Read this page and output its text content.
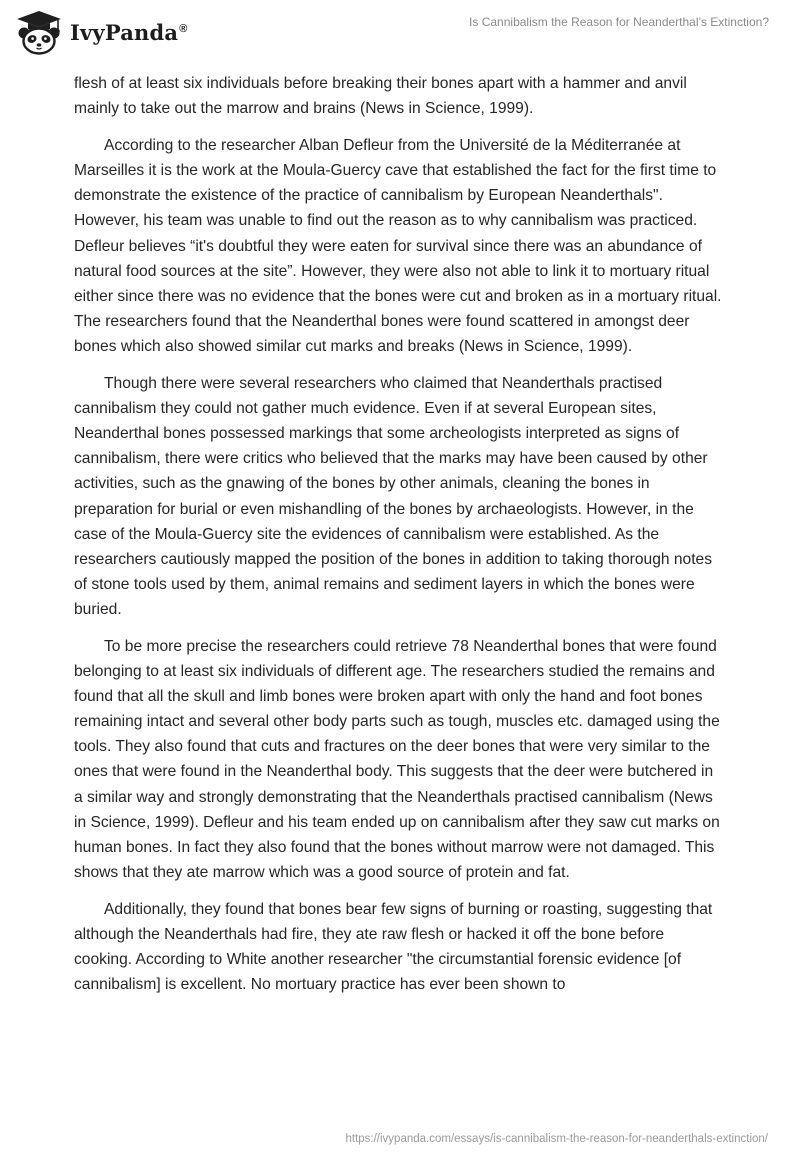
IvyPanda®	Is Cannibalism the Reason for Neanderthal’s Extinction?

flesh of at least six individuals before breaking their bones apart with a hammer and anvil mainly to take out the marrow and brains (News in Science, 1999).

According to the researcher Alban Defleur from the Université de la Méditerranée at Marseilles it is the work at the Moula-Guercy cave that established the fact for the first time to demonstrate the existence of the practice of cannibalism by European Neanderthals". However, his team was unable to find out the reason as to why cannibalism was practiced. Defleur believes “it's doubtful they were eaten for survival since there was an abundance of natural food sources at the site”. However, they were also not able to link it to mortuary ritual either since there was no evidence that the bones were cut and broken as in a mortuary ritual. The researchers found that the Neanderthal bones were found scattered in amongst deer bones which also showed similar cut marks and breaks (News in Science, 1999).

Though there were several researchers who claimed that Neanderthals practised cannibalism they could not gather much evidence. Even if at several European sites, Neanderthal bones possessed markings that some archeologists interpreted as signs of cannibalism, there were critics who believed that the marks may have been caused by other activities, such as the gnawing of the bones by other animals, cleaning the bones in preparation for burial or even mishandling of the bones by archaeologists. However, in the case of the Moula-Guercy site the evidences of cannibalism were established. As the researchers cautiously mapped the position of the bones in addition to taking thorough notes of stone tools used by them, animal remains and sediment layers in which the bones were buried.

To be more precise the researchers could retrieve 78 Neanderthal bones that were found belonging to at least six individuals of different age. The researchers studied the remains and found that all the skull and limb bones were broken apart with only the hand and foot bones remaining intact and several other body parts such as tough, muscles etc. damaged using the tools. They also found that cuts and fractures on the deer bones that were very similar to the ones that were found in the Neanderthal body. This suggests that the deer were butchered in a similar way and strongly demonstrating that the Neanderthals practised cannibalism (News in Science, 1999). Defleur and his team ended up on cannibalism after they saw cut marks on human bones. In fact they also found that the bones without marrow were not damaged. This shows that they ate marrow which was a good source of protein and fat.

Additionally, they found that bones bear few signs of burning or roasting, suggesting that although the Neanderthals had fire, they ate raw flesh or hacked it off the bone before cooking. According to White another researcher "the circumstantial forensic evidence [of cannibalism] is excellent. No mortuary practice has ever been shown to

https://ivypanda.com/essays/is-cannibalism-the-reason-for-neanderthals-extinction/
